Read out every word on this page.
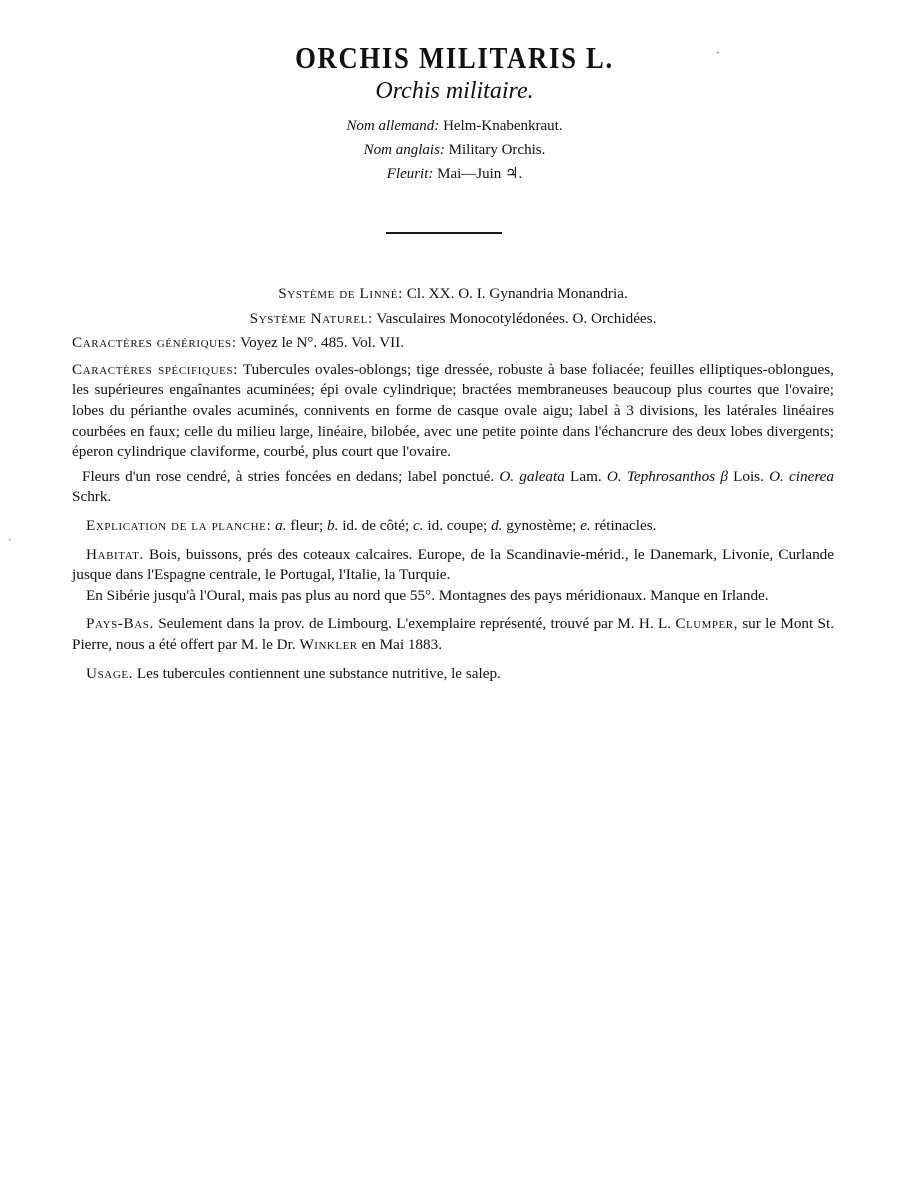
ˏ
ˎ
ORCHIS MILITARIS L.
Orchis militaire.
Nom allemand: Helm-Knabenkraut.
Nom anglais: Military Orchis.
Fleurit: Mai—Juin ♃.

Système de Linné: Cl. XX. O. I. Gynandria Monandria.

Système Naturel: Vasculaires Monocotylédonées. O. Orchidées.

Caractères génériques: Voyez le N°. 485. Vol. VII.

Caractères spécifiques: Tubercules ovales-oblongs; tige dressée, robuste à base foliacée; feuilles elliptiques-oblongues, les supérieures engaînantes acuminées; épi ovale cylindrique; bractées membraneuses beaucoup plus courtes que l'ovaire; lobes du périanthe ovales acuminés, connivents en forme de casque ovale aigu; label à 3 divisions, les latérales linéaires courbées en faux; celle du milieu large, linéaire, bilobée, avec une petite pointe dans l'échancrure des deux lobes divergents; éperon cylindrique claviforme, courbé, plus court que l'ovaire.

Fleurs d'un rose cendré, à stries foncées en dedans; label ponctué. O. galeata Lam. O. Tephrosanthos β Lois. O. cinerea Schrk.

Explication de la planche: a. fleur; b. id. de côté; c. id. coupe; d. gynostème; e. rétinacles.

Habitat. Bois, buissons, prés des coteaux calcaires. Europe, de la Scandinavie-mérid., le Danemark, Livonie, Curlande jusque dans l'Espagne centrale, le Portugal, l'Italie, la Turquie.

En Sibérie jusqu'à l'Oural, mais pas plus au nord que 55°. Montagnes des pays méridionaux. Manque en Irlande.

Pays-Bas. Seulement dans la prov. de Limbourg. L'exemplaire représenté, trouvé par M. H. L. Clumper, sur le Mont St. Pierre, nous a été offert par M. le Dr. Winkler en Mai 1883.

Usage. Les tubercules contiennent une substance nutritive, le salep.
